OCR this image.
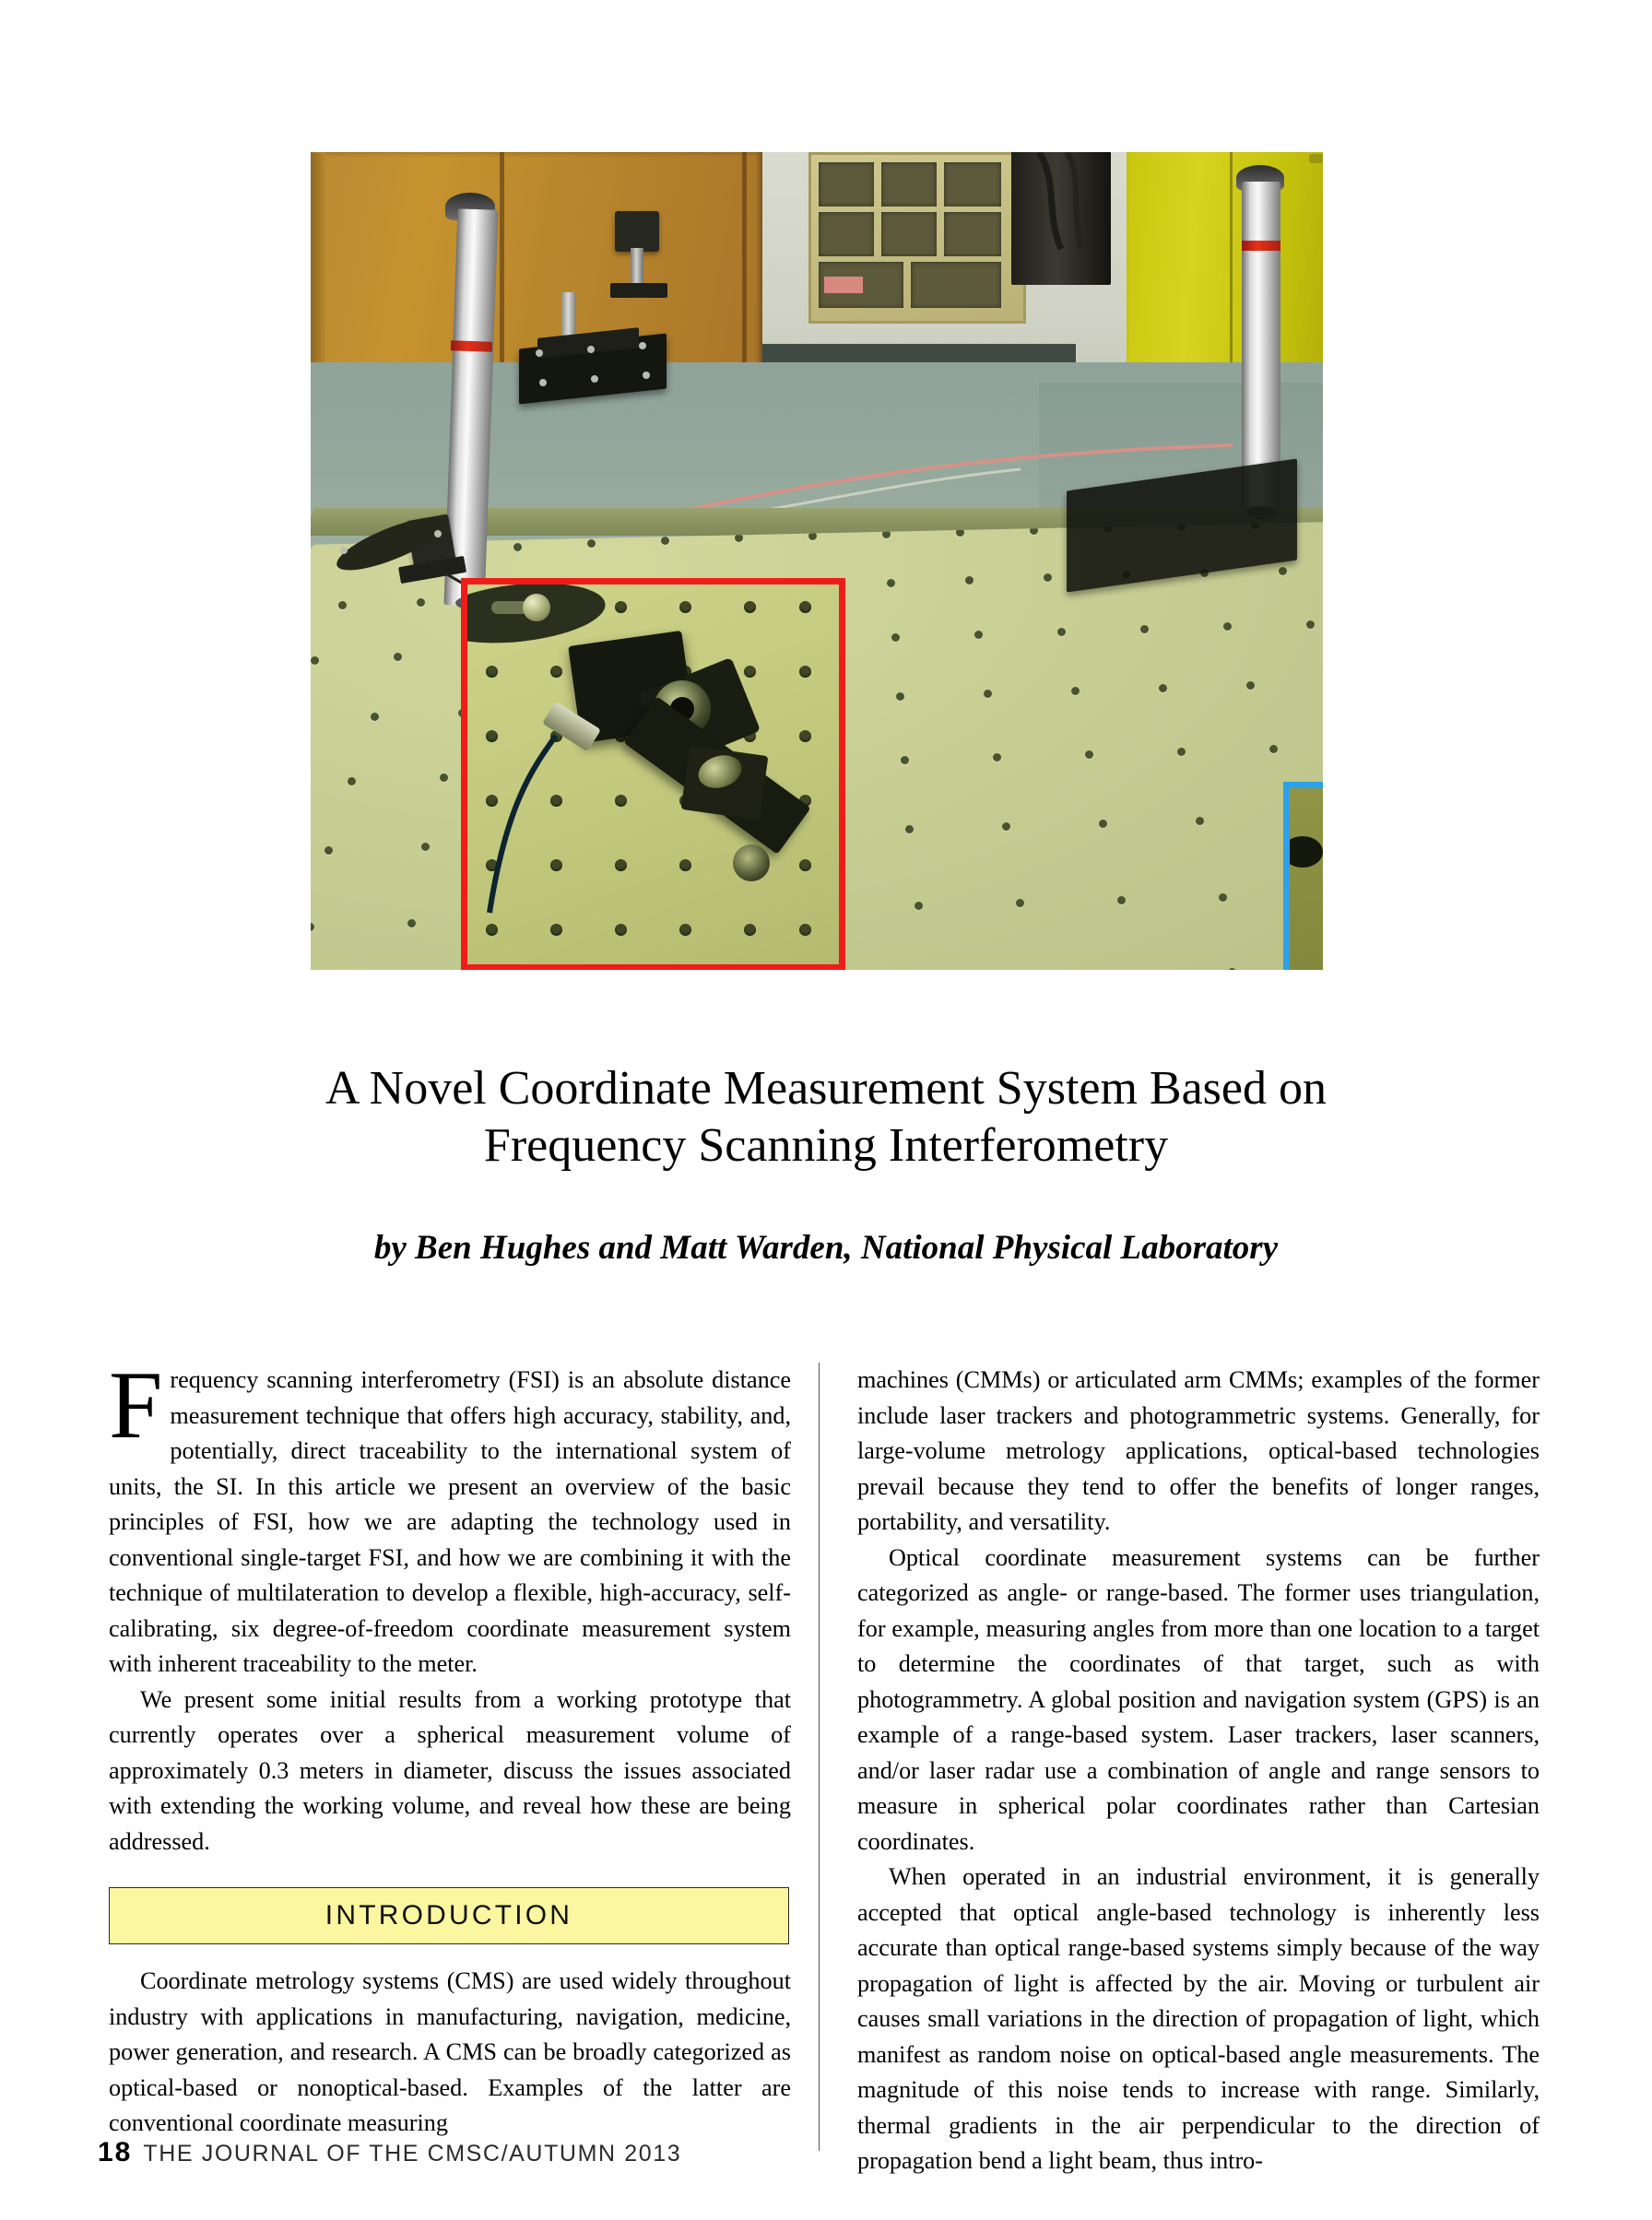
A Novel Coordinate Measurement System Based on
Frequency Scanning Interferometry
by Ben Hughes and Matt Warden, National Physical Laboratory

Frequency scanning interferometry (FSI) is an absolute distance measurement technique that offers high accuracy, stability, and, potentially, direct traceability to the international system of units, the SI. In this article we present an overview of the basic principles of FSI, how we are adapting the technology used in conventional single-target FSI, and how we are combining it with the technique of multilateration to develop a flexible, high-accuracy, self-calibrating, six degree-of-freedom coordinate measurement system with inherent traceability to the meter.

We present some initial results from a working prototype that currently operates over a spherical measurement volume of approximately 0.3 meters in diameter, discuss the issues associated with extending the working volume, and reveal how these are being addressed.

INTRODUCTION

Coordinate metrology systems (CMS) are used widely throughout industry with applications in manufacturing, navigation, medicine, power generation, and research. A CMS can be broadly categorized as optical-based or nonoptical-based. Examples of the latter are conventional coordinate measuring

machines (CMMs) or articulated arm CMMs; examples of the former include laser trackers and photogrammetric systems. Generally, for large-volume metrology applications, optical-based technologies prevail because they tend to offer the benefits of longer ranges, portability, and versatility.

Optical coordinate measurement systems can be further categorized as angle- or range-based. The former uses triangulation, for example, measuring angles from more than one location to a target to determine the coordinates of that target, such as with photogrammetry. A global position and navigation system (GPS) is an example of a range-based system. Laser trackers, laser scanners, and/or laser radar use a combination of angle and range sensors to measure in spherical polar coordinates rather than Cartesian coordinates.

When operated in an industrial environment, it is generally accepted that optical angle-based technology is inherently less accurate than optical range-based systems simply because of the way propagation of light is affected by the air. Moving or turbulent air causes small variations in the direction of propagation of light, which manifest as random noise on optical-based angle measurements. The magnitude of this noise tends to increase with range. Similarly, thermal gradients in the air perpendicular to the direction of propagation bend a light beam, thus intro-

18 THE JOURNAL OF THE CMSC/AUTUMN 2013
